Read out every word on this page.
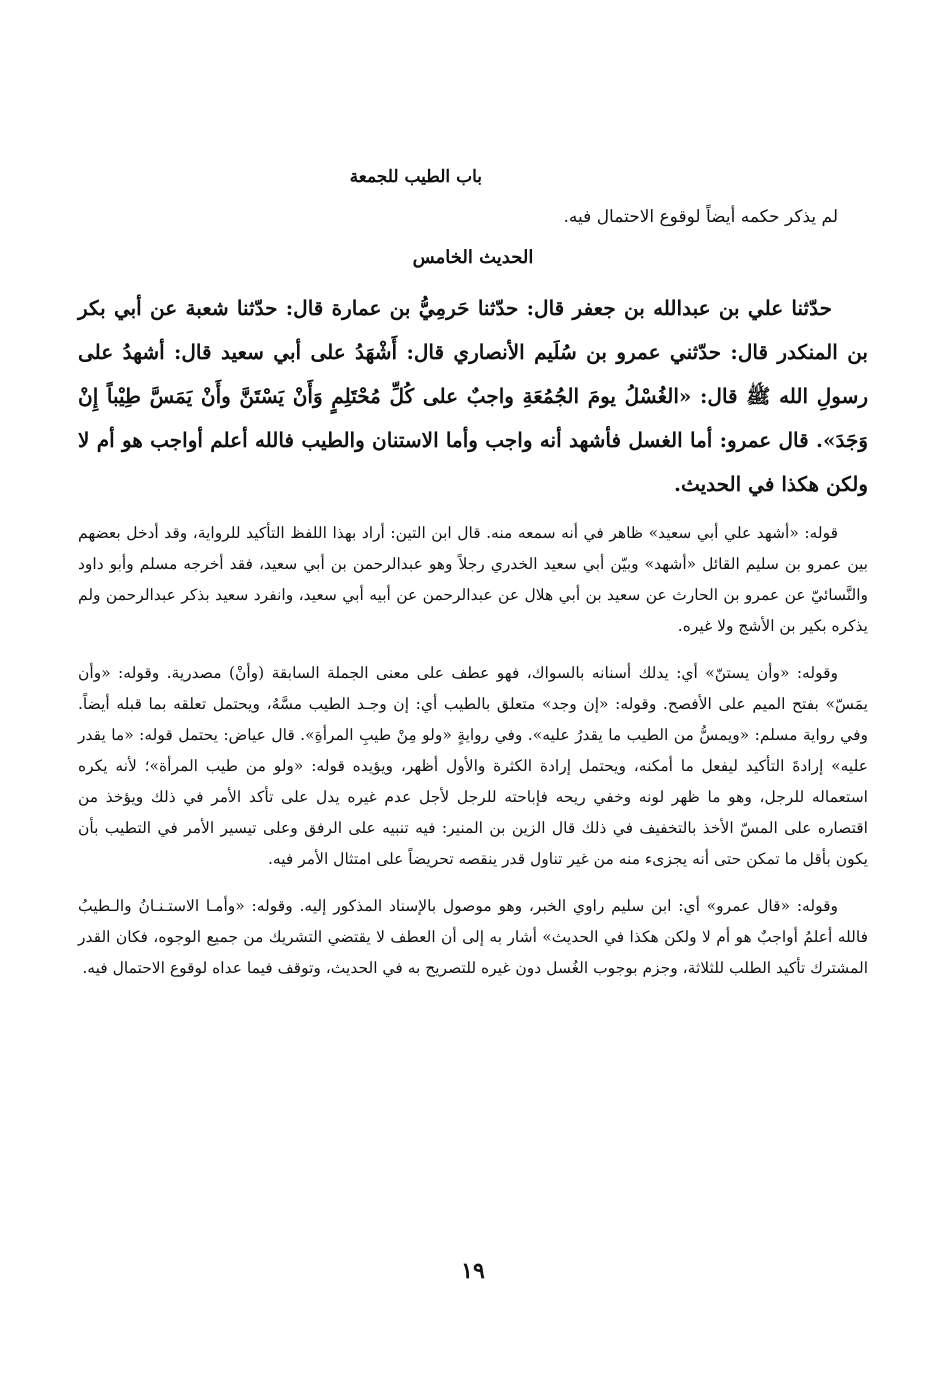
باب الطيب للجمعة
لم يذكر حكمه أيضاً لوقوع الاحتمال فيه.
الحديث الخامس

حدّثنا علي بن عبدالله بن جعفر قال: حدّثنا حَرمِيُّ بن عمارة قال: حدّثنا شعبة عن أبي بكر بن المنكدر قال: حدّثني عمرو بن سُلَيم الأنصاري قال: أَشْهَدُ على أبي سعيد قال: أشهدُ على رسولِ الله ﷺ قال: «الغُسْلُ يومَ الجُمُعَةِ واجبٌ على كُلِّ مُحْتَلِمٍ وَأَنْ يَسْتَنَّ وأَنْ يَمَسَّ طِيْباً إِنْ وَجَدَ». قال عمرو: أما الغسل فأشهد أنه واجب وأما الاستنان والطيب فالله أعلم أواجب هو أم لا ولكن هكذا في الحديث.

قوله: «أشهد علي أبي سعيد» ظاهر في أنه سمعه منه. قال ابن التين: أراد بهذا اللفظ التأكيد للرواية، وقد أدخل بعضهم بين عمرو بن سليم القائل «أشهد» وبيّن أبي سعيد الخدري رجلاً وهو عبدالرحمن بن أبي سعيد، فقد أخرجه مسلم وأبو داود والنَّسائيّ عن عمرو بن الحارث عن سعيد بن أبي هلال عن عبدالرحمن عن أبيه أبي سعيد، وانفرد سعيد بذكر عبدالرحمن ولم يذكره بكير بن الأشج ولا غيره.

وقوله: «وأن يستنّ» أي: يدلك أسنانه بالسواك، فهو عطف على معنى الجملة السابقة (وأنْ) مصدرية. وقوله: «وأن يمَسّ» بفتح الميم على الأفصح. وقوله: «إن وجد» متعلق بالطيب أي: إن وجـد الطيب مسَّهُ، ويحتمل تعلقه بما قبله أيضاً. وفي رواية مسلم: «ويمسُّ من الطيب ما يقدرُ عليه». وفي روايةٍ «ولو مِنْ طيبِ المرأةِ». قال عياض: يحتمل قوله: «ما يقدر عليه» إرادةَ التأكيد ليفعل ما أمكنه، ويحتمل إرادة الكثرة والأول أظهر، ويؤيده قوله: «ولو من طيب المرأة»؛ لأنه يكره استعماله للرجل، وهو ما ظهر لونه وخفي ريحه فإباحته للرجل لأجل عدم غيره يدل على تأكد الأمر في ذلك ويؤخذ من اقتصاره على المسّ الأخذ بالتخفيف في ذلك قال الزين بن المنير: فيه تنبيه على الرفق وعلى تيسير الأمر في التطيب بأن يكون بأقل ما تمكن حتى أنه يجزىء منه من غير تناول قدر ينقصه تحريضاً على امتثال الأمر فيه.

وقوله: «قال عمرو» أي: ابن سليم راوي الخبر، وهو موصول بالإسناد المذكور إليه. وقوله: «وأمـا الاستـنـانُ والـطيبُ فالله أعلمُ أواجبٌ هو أم لا ولكن هكذا في الحديث» أشار به إلى أن العطف لا يقتضي التشريك من جميع الوجوه، فكان القدر المشترك تأكيد الطلب للثلاثة، وجزم بوجوب الغُسل دون غيره للتصريح به في الحديث، وتوقف فيما عداه لوقوع الاحتمال فيه.

١٩
